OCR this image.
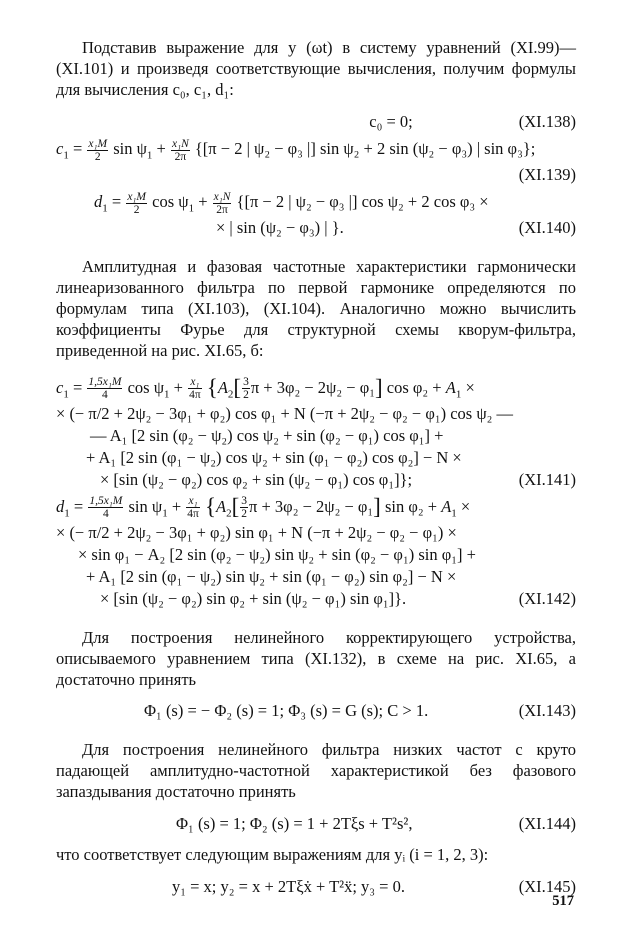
Подставив выражение для y (ωt) в систему уравнений (XI.99)—(XI.101) и произведя соответствующие вычисления, получим формулы для вычисления c₀, c₁, d₁:

c₀ = 0;	(XI.138)
$c_1 = \frac{\text{x₁M}}{2}$ $\sin \psi_1 + \frac{\text{x₁N}}{2\pi} \{[\pi - 2$ | ψ₂ − φ₃ |] sin ψ₂ + 2 sin (ψ₂ − φ₃) | sin φ₃};
(XI.139)
$d_1 = \frac{\text{x₁M}}{2}$ $\cos \psi_1 + \frac{\text{x₁N}}{2\pi} \{[\pi - 2$ | ψ₂ − φ₃ |] cos ψ₂ + 2 cos φ₃ ×
× | sin (ψ₂ − φ₃) | }.	(XI.140)

Амплитудная и фазовая частотные характеристики гармонически линеаризованного фильтра по первой гармонике определяются по формулам типа (XI.103), (XI.104). Аналогично можно вычислить коэффициенты Фурье для структурной схемы кворум-фильтра, приведенной на рис. XI.65, б:

$c_1 = \frac{\text{1,5x₁M}}{4}$ $\cos \psi_1 + \frac{\text{x₁}}{4\pi} \{A_2[ \frac{3}{2}$ π + 3φ₂ − 2ψ₂ − φ₁] $\cos \varphi_2 + A_1$ ×
× (− π/2 + 2ψ₂ − 3φ₁ + φ₂) cos φ₁ + N (−π + 2ψ₂ − φ₂ − φ₁) cos ψ₂ —
— A₁ [2 sin (φ₂ − ψ₂) cos ψ₂ + sin (φ₂ − φ₁) cos φ₁] +
+ A₁ [2 sin (φ₁ − ψ₂) cos ψ₂ + sin (φ₁ − φ₂) cos φ₂] − N ×
× [sin (ψ₂ − φ₂) cos φ₂ + sin (ψ₂ − φ₁) cos φ₁]};	(XI.141)
$d_1 = \frac{\text{1,5x₁M}}{4}$ $\sin \psi_1 + \frac{\text{x₁}}{4\pi} \{A_2[ \frac{3}{2}$ π + 3φ₂ − 2ψ₂ − φ₁] $\sin \varphi_2 + A_1$ ×
× (− π/2 + 2ψ₂ − 3φ₁ + φ₂) sin φ₁ + N (−π + 2ψ₂ − φ₂ − φ₁) ×
× sin φ₁ − A₂ [2 sin (φ₂ − ψ₂) sin ψ₂ + sin (φ₂ − φ₁) sin φ₁] +
+ A₁ [2 sin (φ₁ − ψ₂) sin ψ₂ + sin (φ₁ − φ₂) sin φ₂] − N ×
× [sin (ψ₂ − φ₂) sin φ₂ + sin (ψ₂ − φ₁) sin φ₁]}.	(XI.142)

Для построения нелинейного корректирующего устройства, описываемого уравнением типа (XI.132), в схеме на рис. XI.65, а достаточно принять

Φ₁ (s) = − Φ₂ (s) = 1; Φ₃ (s) = G (s); C > 1.	(XI.143)

Для построения нелинейного фильтра низких частот с круто падающей амплитудно-частотной характеристикой без фазового запаздывания достаточно принять

Φ₁ (s) = 1; Φ₂ (s) = 1 + 2Tξs + T²s²,	(XI.144)

что соответствует следующим выражениям для yᵢ (i = 1, 2, 3):

y₁ = x; y₂ = x + 2Tξẋ + T²ẍ; y₃ = 0.	(XI.145)
517
